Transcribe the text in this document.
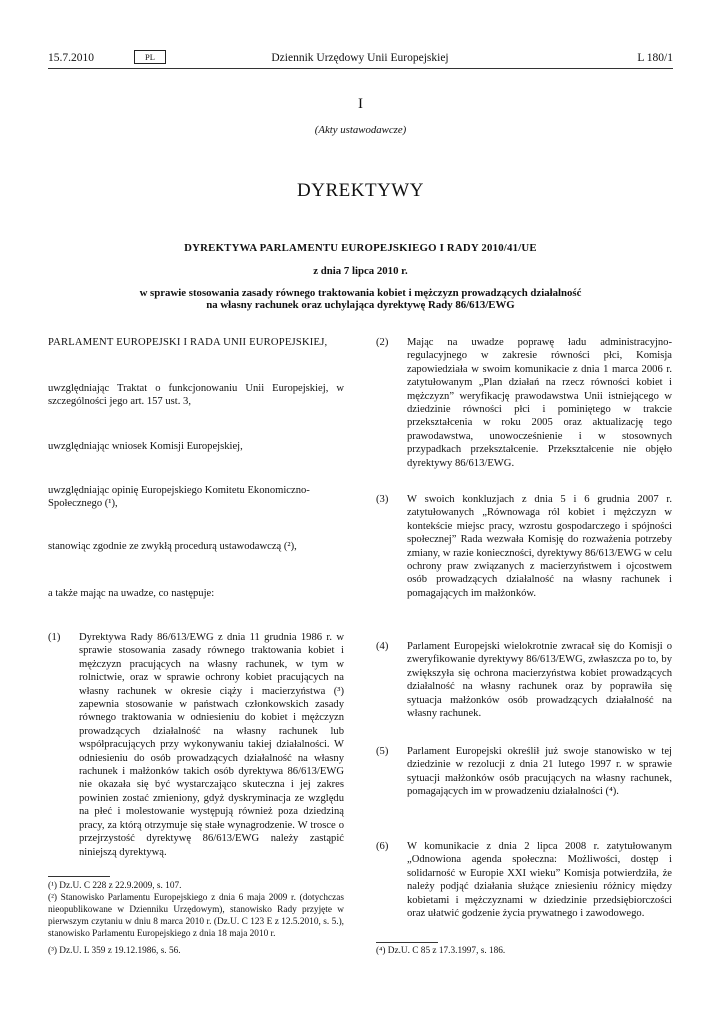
15.7.2010	PL	Dziennik Urzędowy Unii Europejskiej	L 180/1
I
(Akty ustawodawcze)
DYREKTYWY
DYREKTYWA PARLAMENTU EUROPEJSKIEGO I RADY 2010/41/UE
z dnia 7 lipca 2010 r.
w sprawie stosowania zasady równego traktowania kobiet i mężczyzn prowadzących działalność
na własny rachunek oraz uchylająca dyrektywę Rady 86/613/EWG
PARLAMENT EUROPEJSKI I RADA UNII EUROPEJSKIEJ,
uwzględniając Traktat o funkcjonowaniu Unii Europejskiej, w szczególności jego art. 157 ust. 3,
uwzględniając wniosek Komisji Europejskiej,
uwzględniając opinię Europejskiego Komitetu Ekonomiczno-Społecznego (¹),
stanowiąc zgodnie ze zwykłą procedurą ustawodawczą (²),
a także mając na uwadze, co następuje:
(1) Dyrektywa Rady 86/613/EWG z dnia 11 grudnia 1986 r. w sprawie stosowania zasady równego traktowania kobiet i mężczyzn pracujących na własny rachunek, w tym w rolnictwie, oraz w sprawie ochrony kobiet pracujących na własny rachunek w okresie ciąży i macierzyństwa (³) zapewnia stosowanie w państwach członkowskich zasady równego traktowania w odniesieniu do kobiet i mężczyzn prowadzących działalność na własny rachunek lub współpracujących przy wykonywaniu takiej działalności. W odniesieniu do osób prowadzących działalność na własny rachunek i małżonków takich osób dyrektywa 86/613/EWG nie okazała się być wystarczająco skuteczna i jej zakres powinien zostać zmieniony, gdyż dyskryminacja ze względu na płeć i molestowanie występują również poza dziedziną pracy, za którą otrzymuje się stałe wynagrodzenie. W trosce o przejrzystość dyrektywę 86/613/EWG należy zastąpić niniejszą dyrektywą.
(¹) Dz.U. C 228 z 22.9.2009, s. 107.
(²) Stanowisko Parlamentu Europejskiego z dnia 6 maja 2009 r. (dotychczas nieopublikowane w Dzienniku Urzędowym), stanowisko Rady przyjęte w pierwszym czytaniu w dniu 8 marca 2010 r. (Dz.U. C 123 E z 12.5.2010, s. 5.), stanowisko Parlamentu Europejskiego z dnia 18 maja 2010 r.
(³) Dz.U. L 359 z 19.12.1986, s. 56.
(2) Mając na uwadze poprawę ładu administracyjno-regulacyjnego w zakresie równości płci, Komisja zapowiedziała w swoim komunikacie z dnia 1 marca 2006 r. zatytułowanym „Plan działań na rzecz równości kobiet i mężczyzn” weryfikację prawodawstwa Unii istniejącego w dziedzinie równości płci i pominiętego w trakcie przekształcenia w roku 2005 oraz aktualizację tego prawodawstwa, unowocześnienie i w stosownych przypadkach przekształcenie. Przekształcenie nie objęło dyrektywy 86/613/EWG.
(3) W swoich konkluzjach z dnia 5 i 6 grudnia 2007 r. zatytułowanych „Równowaga ról kobiet i mężczyzn w kontekście miejsc pracy, wzrostu gospodarczego i spójności społecznej” Rada wezwała Komisję do rozważenia potrzeby zmiany, w razie konieczności, dyrektywy 86/613/EWG w celu ochrony praw związanych z macierzyństwem i ojcostwem osób prowadzących działalność na własny rachunek i pomagających im małżonków.
(4) Parlament Europejski wielokrotnie zwracał się do Komisji o zweryfikowanie dyrektywy 86/613/EWG, zwłaszcza po to, by zwiększyła się ochrona macierzyństwa kobiet prowadzących działalność na własny rachunek oraz by poprawiła się sytuacja małżonków osób prowadzących działalność na własny rachunek.
(5) Parlament Europejski określił już swoje stanowisko w tej dziedzinie w rezolucji z dnia 21 lutego 1997 r. w sprawie sytuacji małżonków osób pracujących na własny rachunek, pomagających im w prowadzeniu działalności (⁴).
(6) W komunikacie z dnia 2 lipca 2008 r. zatytułowanym „Odnowiona agenda społeczna: Możliwości, dostęp i solidarność w Europie XXI wieku” Komisja potwierdziła, że należy podjąć działania służące zniesieniu różnicy między kobietami i mężczyznami w dziedzinie przedsiębiorczości oraz ułatwić godzenie życia prywatnego i zawodowego.
(⁴) Dz.U. C 85 z 17.3.1997, s. 186.
